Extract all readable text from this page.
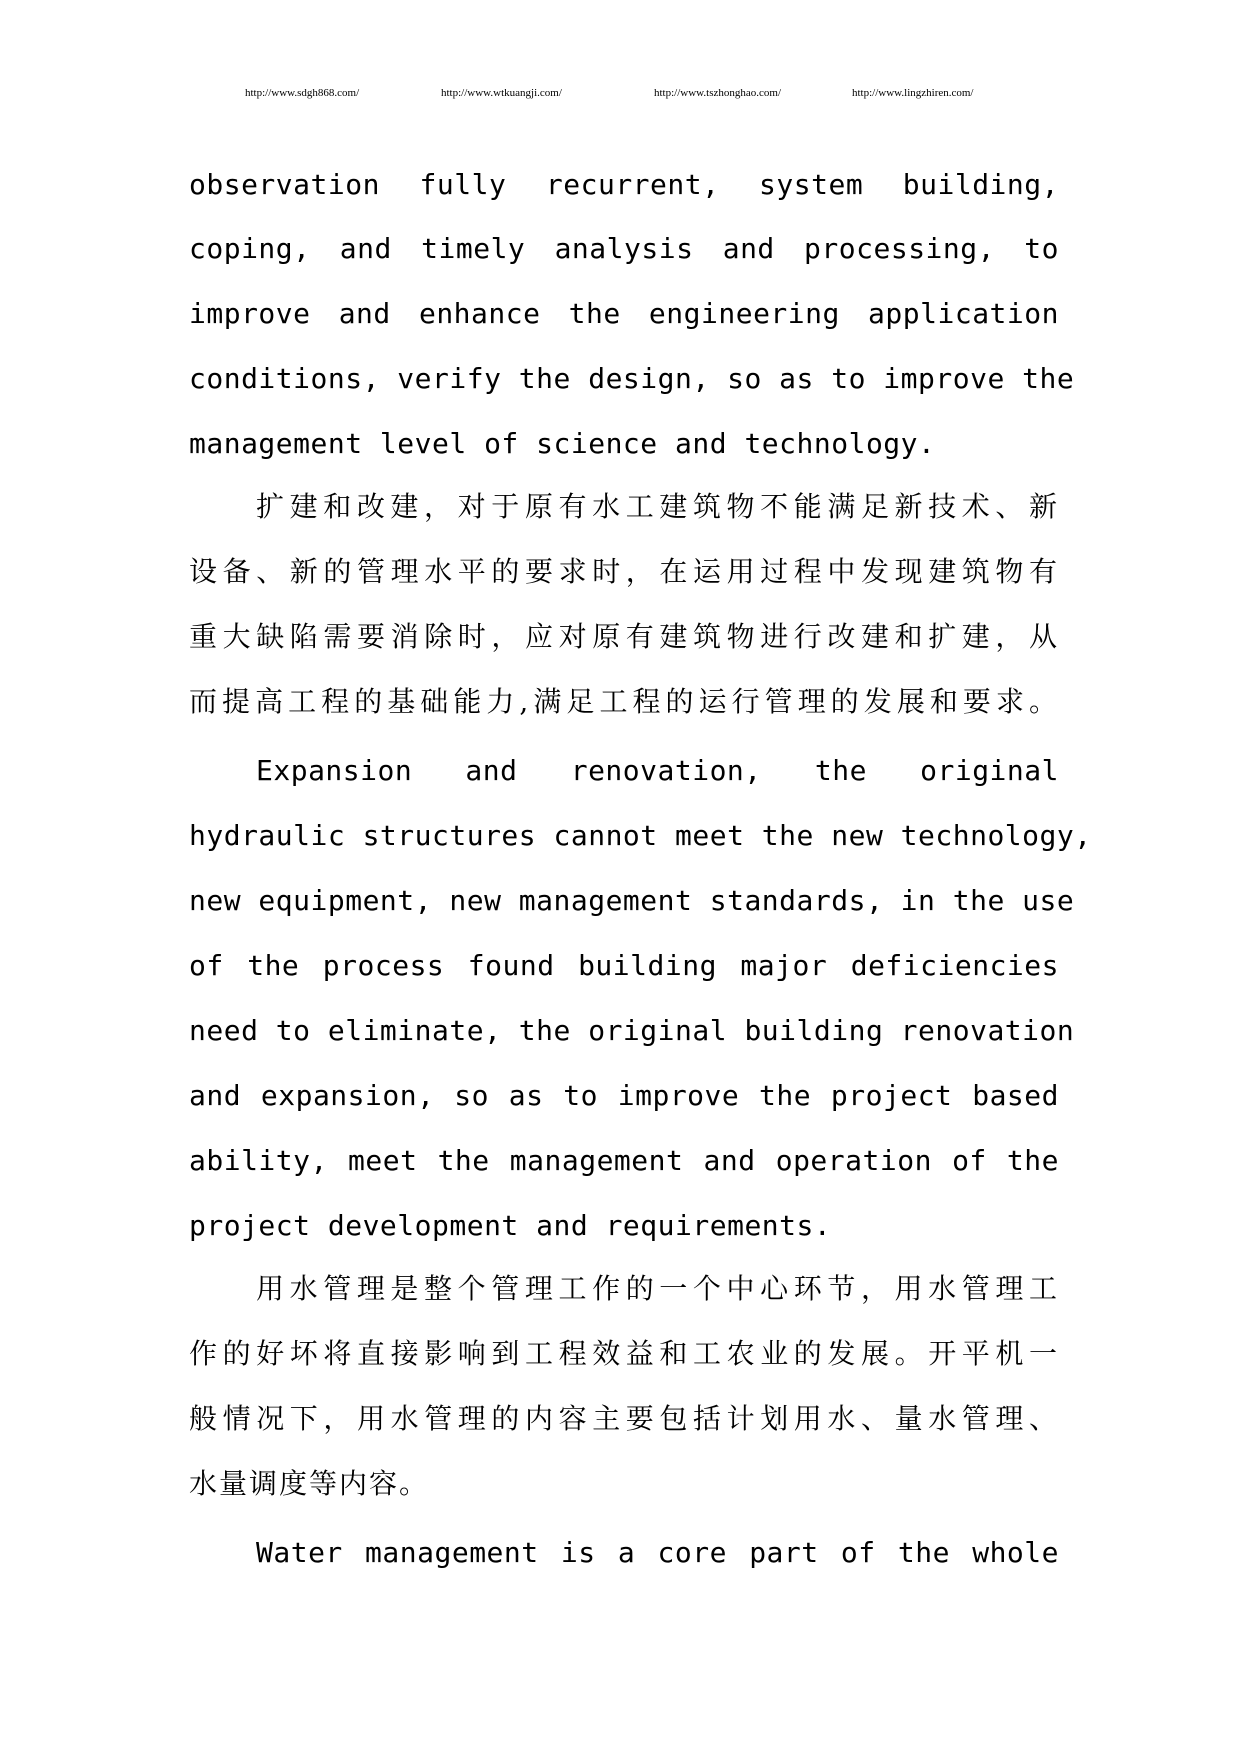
http://www.sdgh868.com/	http://www.wtkuangji.com/	http://www.tszhonghao.com/	http://www.lingzhiren.com/
observation fully recurrent, system building,
coping, and timely analysis and processing, to
improve and enhance the engineering application
conditions, verify the design, so as to improve the
management level of science and technology.
扩建和改建，对于原有水工建筑物不能满足新技术、新
设备、新的管理水平的要求时，在运用过程中发现建筑物有
重大缺陷需要消除时，应对原有建筑物进行改建和扩建，从
而提高工程的基础能力,满足工程的运行管理的发展和要求。
Expansion and renovation, the original
hydraulic structures cannot meet the new technology,
new equipment, new management standards, in the use
of the process found building major deficiencies
need to eliminate, the original building renovation
and expansion, so as to improve the project based
ability, meet the management and operation of the
project development and requirements.
用水管理是整个管理工作的一个中心环节，用水管理工
作的好坏将直接影响到工程效益和工农业的发展。开平机一
般情况下，用水管理的内容主要包括计划用水、量水管理、
水量调度等内容。
Water management is a core part of the whole
